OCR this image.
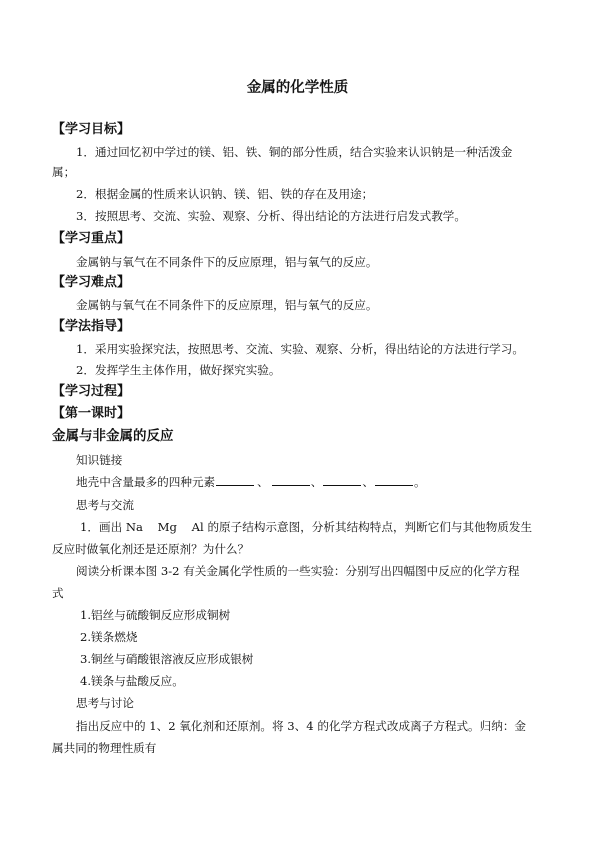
金属的化学性质
【学习目标】
1．通过回忆初中学过的镁、铝、铁、铜的部分性质，结合实验来认识钠是一种活泼金
属；
2．根据金属的性质来认识钠、镁、铝、铁的存在及用途；
3．按照思考、交流、实验、观察、分析、得出结论的方法进行启发式教学。
【学习重点】
金属钠与氧气在不同条件下的反应原理，铝与氧气的反应。
【学习难点】
金属钠与氧气在不同条件下的反应原理，铝与氧气的反应。
【学法指导】
1．采用实验探究法，按照思考、交流、实验、观察、分析，得出结论的方法进行学习。
2．发挥学生主体作用，做好探究实验。
【学习过程】
【第一课时】
金属与非金属的反应
知识链接
地壳中含量最多的四种元素	、	、	、	。
思考与交流
1．画出 Na    Mg    Al 的原子结构示意图，分析其结构特点，判断它们与其他物质发生
反应时做氧化剂还是还原剂？为什么？
阅读分析课本图 3-2 有关金属化学性质的一些实验：分别写出四幅图中反应的化学方程
式
1.铝丝与硫酸铜反应形成铜树
2.镁条燃烧
3.铜丝与硝酸银溶液反应形成银树
4.镁条与盐酸反应。
思考与讨论
指出反应中的 1、2 氧化剂和还原剂。将 3、4 的化学方程式改成离子方程式。归纳：金
属共同的物理性质有
